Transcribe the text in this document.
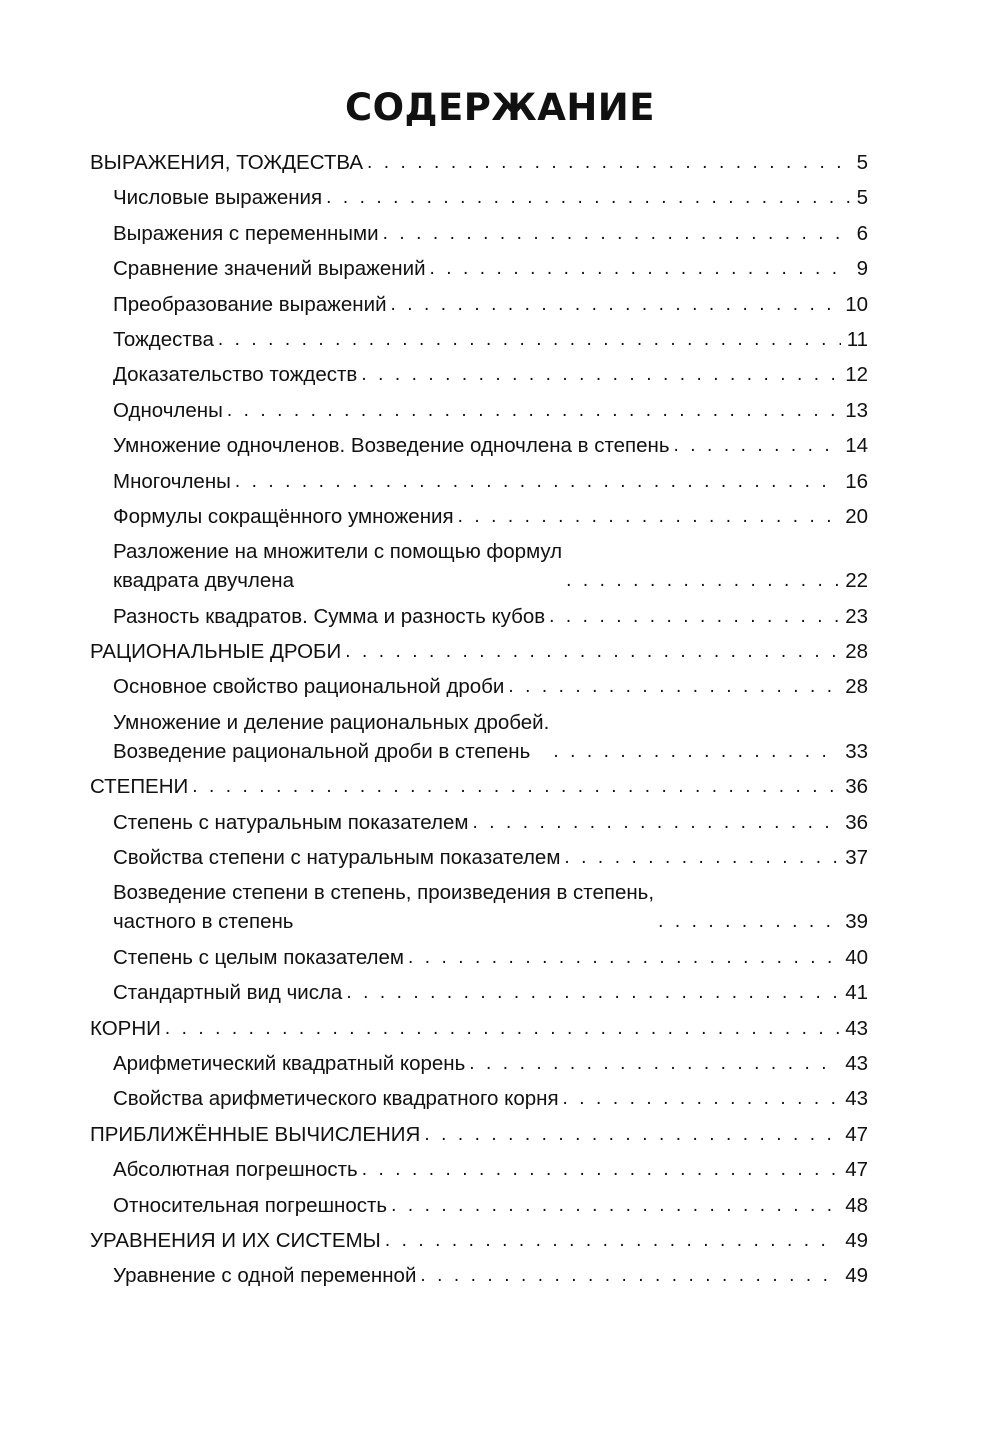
СОДЕРЖАНИЕ
ВЫРАЖЕНИЯ, ТОЖДЕСТВА . . .	5
Числовые выражения . . .	5
Выражения с переменными . . .	6
Сравнение значений выражений . . .	9
Преобразование выражений . . .	10
Тождества . . .	11
Доказательство тождеств . . .	12
Одночлены . . .	13
Умножение одночленов. Возведение одночлена в степень . . .	14
Многочлены . . .	16
Формулы сокращённого умножения . . .	20
Разложение на множители с помощью формул
квадрата двучлена . . .	22
Разность квадратов. Сумма и разность кубов . . .	23
РАЦИОНАЛЬНЫЕ ДРОБИ . . .	28
Основное свойство рациональной дроби . . .	28
Умножение и деление рациональных дробей.
Возведение рациональной дроби в степень . . .	33
СТЕПЕНИ . . .	36
Степень с натуральным показателем . . .	36
Свойства степени с натуральным показателем . . .	37
Возведение степени в степень, произведения в степень,
частного в степень . . .	39
Степень с целым показателем . . .	40
Стандартный вид числа . . .	41
КОРНИ . . .	43
Арифметический квадратный корень . . .	43
Свойства арифметического квадратного корня . . .	43
ПРИБЛИЖЁННЫЕ ВЫЧИСЛЕНИЯ . . .	47
Абсолютная погрешность . . .	47
Относительная погрешность . . .	48
УРАВНЕНИЯ И ИХ СИСТЕМЫ . . .	49
Уравнение с одной переменной . . .	49
